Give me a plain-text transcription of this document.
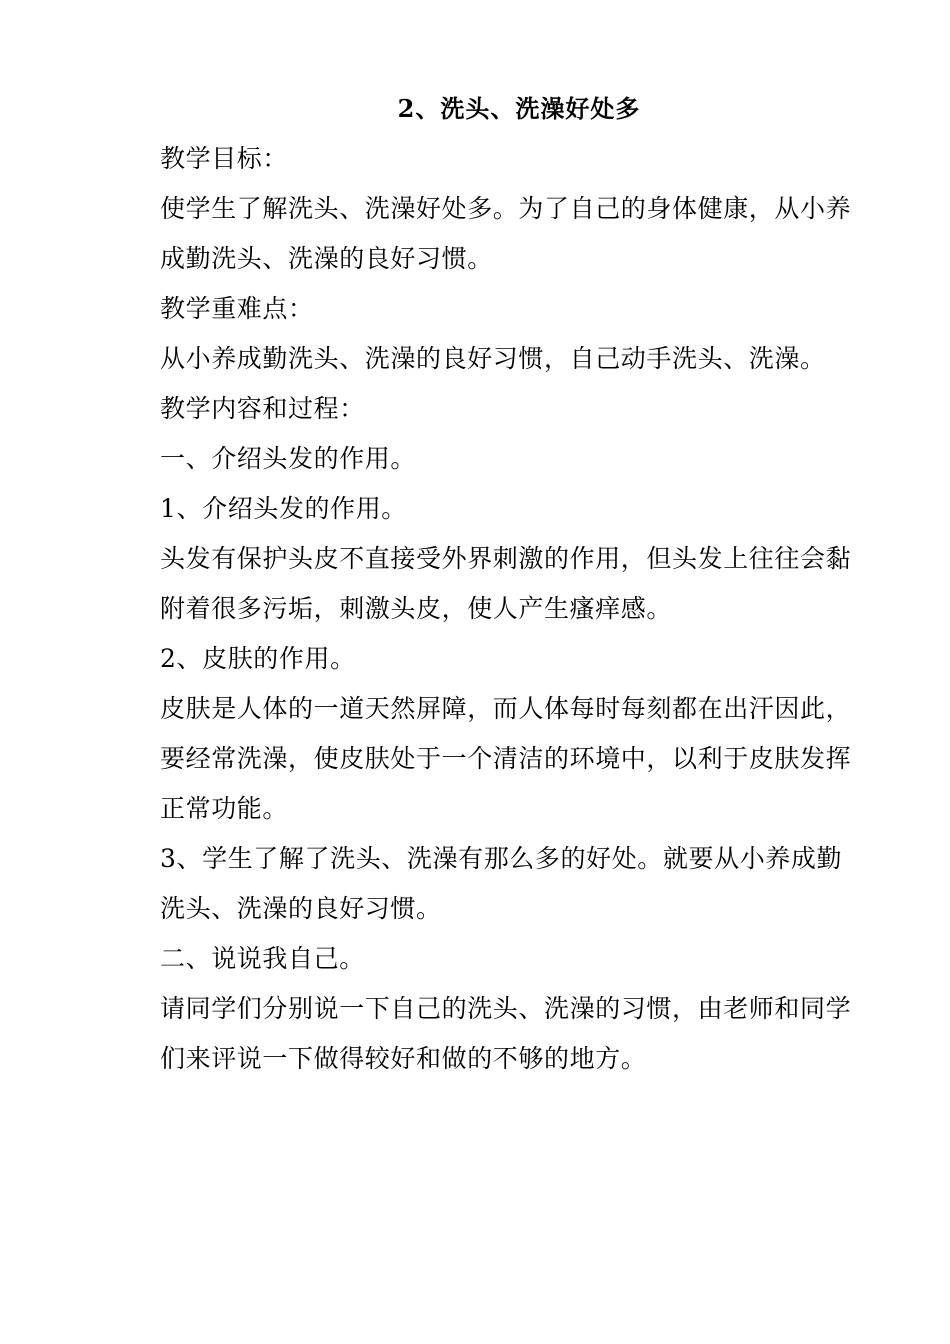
2、洗头、洗澡好处多

教学目标：

使学生了解洗头、洗澡好处多。为了自己的身体健康，从小养成勤洗头、洗澡的良好习惯。

教学重难点：

从小养成勤洗头、洗澡的良好习惯，自己动手洗头、洗澡。

教学内容和过程：

一、介绍头发的作用。

1、介绍头发的作用。

头发有保护头皮不直接受外界刺激的作用，但头发上往往会黏附着很多污垢，刺激头皮，使人产生瘙痒感。

2、皮肤的作用。

皮肤是人体的一道天然屏障，而人体每时每刻都在出汗因此，要经常洗澡，使皮肤处于一个清洁的环境中，以利于皮肤发挥正常功能。

3、学生了解了洗头、洗澡有那么多的好处。就要从小养成勤洗头、洗澡的良好习惯。

二、说说我自己。

请同学们分别说一下自己的洗头、洗澡的习惯，由老师和同学们来评说一下做得较好和做的不够的地方。
